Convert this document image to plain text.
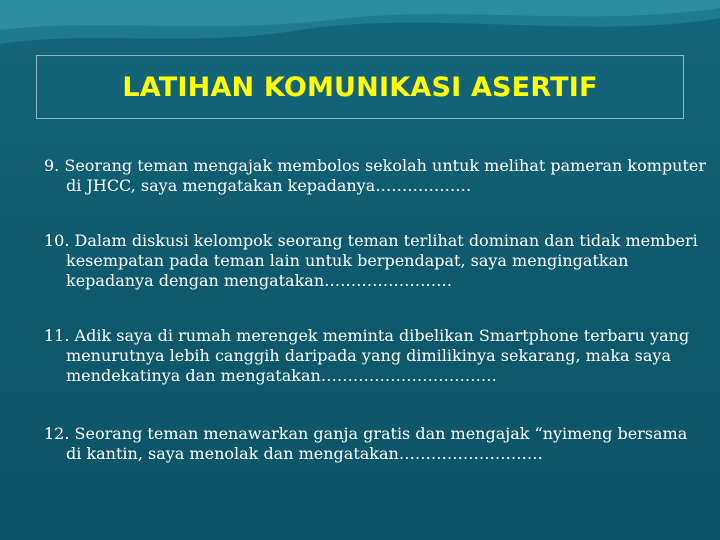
LATIHAN KOMUNIKASI ASERTIF
9. Seorang teman mengajak membolos sekolah untuk melihat pameran komputer di JHCC, saya mengatakan kepadanya………………
10. Dalam diskusi kelompok seorang teman terlihat dominan dan tidak memberi kesempatan pada teman lain untuk berpendapat, saya mengingatkan kepadanya dengan mengatakan……………………
11. Adik saya di rumah merengek meminta dibelikan Smartphone terbaru yang menurutnya lebih canggih daripada yang dimilikinya sekarang, maka saya mendekatinya dan mengatakan……………………………
12. Seorang teman menawarkan ganja gratis dan mengajak “nyimeng bersama di kantin, saya menolak dan mengatakan………………………
